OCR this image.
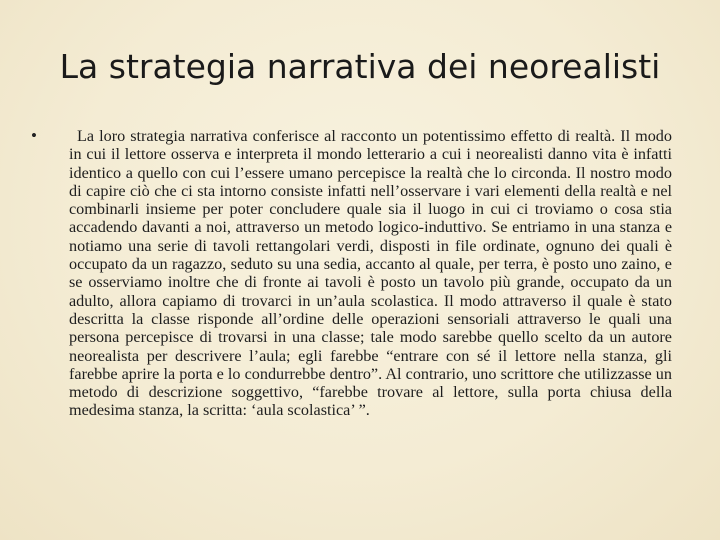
La strategia narrativa dei neorealisti
•	La loro strategia narrativa conferisce al racconto un potentissimo effetto di realtà. Il modo in cui il lettore osserva e interpreta il mondo letterario a cui i neorealisti danno vita è infatti identico a quello con cui l’essere umano percepisce la realtà che lo circonda. Il nostro modo di capire ciò che ci sta intorno consiste infatti nell’osservare i vari elementi della realtà e nel combinarli insieme per poter concludere quale sia il luogo in cui ci troviamo o cosa stia accadendo davanti a noi, attraverso un metodo logico-induttivo. Se entriamo in una stanza e notiamo una serie di tavoli rettangolari verdi, disposti in file ordinate, ognuno dei quali è occupato da un ragazzo, seduto su una sedia, accanto al quale, per terra, è posto uno zaino, e se osserviamo inoltre che di fronte ai tavoli è posto un tavolo più grande, occupato da un adulto, allora capiamo di trovarci in un’aula scolastica. Il modo attraverso il quale è stato descritta la classe risponde all’ordine delle operazioni sensoriali attraverso le quali una persona percepisce di trovarsi in una classe; tale modo sarebbe quello scelto da un autore neorealista per descrivere l’aula; egli farebbe “entrare con sé il lettore nella stanza, gli farebbe aprire la porta e lo condurrebbe dentro”. Al contrario, uno scrittore che utilizzasse un metodo di descrizione soggettivo, “farebbe trovare al lettore, sulla porta chiusa della medesima stanza, la scritta: ‘aula scolastica’ ”.
